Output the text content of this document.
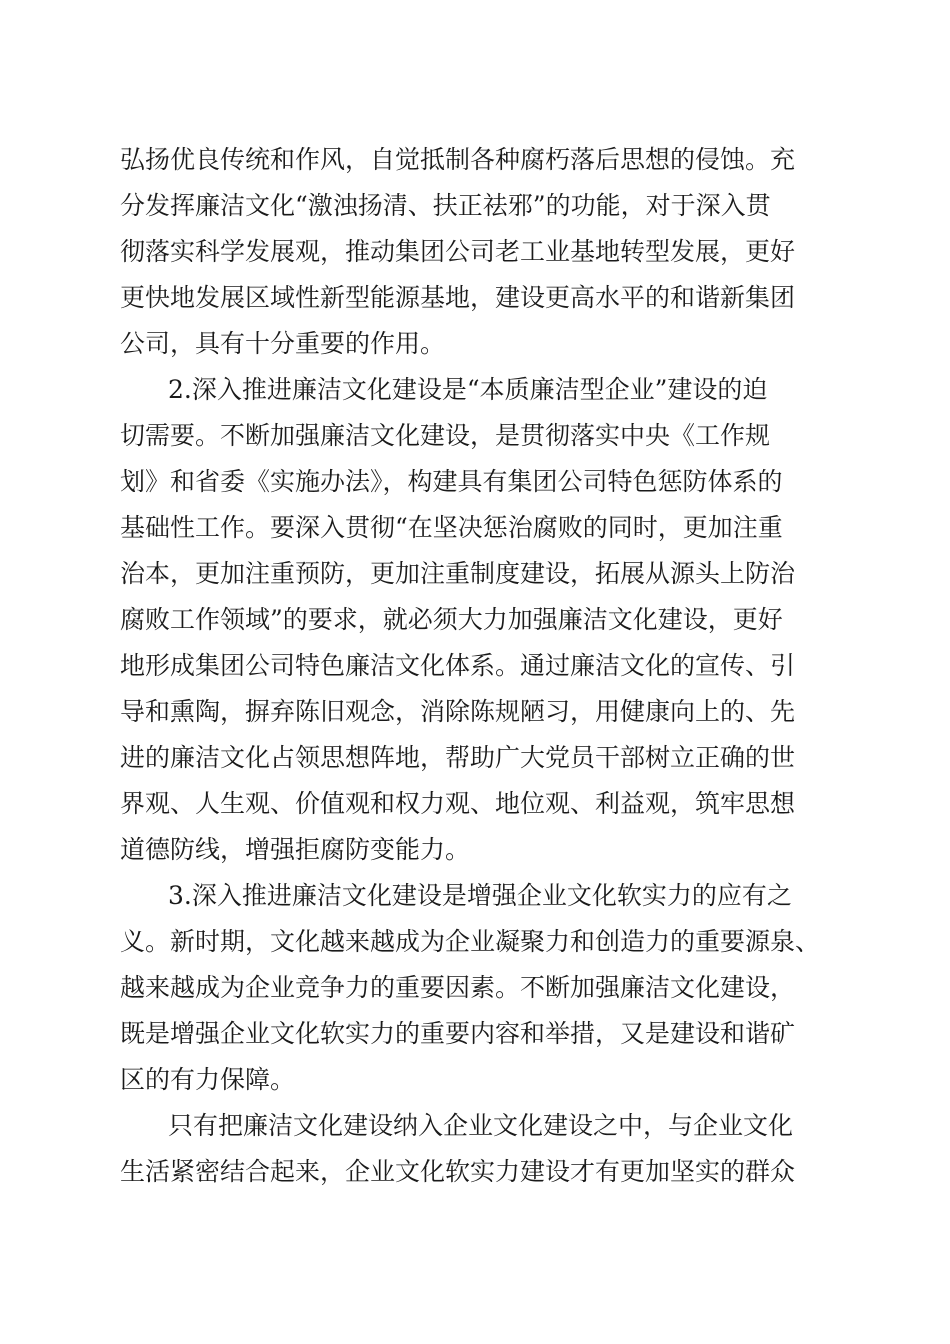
弘扬优良传统和作风，自觉抵制各种腐朽落后思想的侵蚀。充

分发挥廉洁文化“激浊扬清、扶正祛邪”的功能，对于深入贯

彻落实科学发展观，推动集团公司老工业基地转型发展，更好

更快地发展区域性新型能源基地，建设更高水平的和谐新集团

公司，具有十分重要的作用。

2.深入推进廉洁文化建设是“本质廉洁型企业”建设的迫

切需要。不断加强廉洁文化建设，是贯彻落实中央《工作规

划》和省委《实施办法》，构建具有集团公司特色惩防体系的

基础性工作。要深入贯彻“在坚决惩治腐败的同时，更加注重

治本，更加注重预防，更加注重制度建设，拓展从源头上防治

腐败工作领域”的要求，就必须大力加强廉洁文化建设，更好

地形成集团公司特色廉洁文化体系。通过廉洁文化的宣传、引

导和熏陶，摒弃陈旧观念，消除陈规陋习，用健康向上的、先

进的廉洁文化占领思想阵地，帮助广大党员干部树立正确的世

界观、人生观、价值观和权力观、地位观、利益观，筑牢思想

道德防线，增强拒腐防变能力。

3.深入推进廉洁文化建设是增强企业文化软实力的应有之

义。新时期，文化越来越成为企业凝聚力和创造力的重要源泉、

越来越成为企业竞争力的重要因素。不断加强廉洁文化建设，

既是增强企业文化软实力的重要内容和举措，又是建设和谐矿

区的有力保障。

只有把廉洁文化建设纳入企业文化建设之中，与企业文化

生活紧密结合起来，企业文化软实力建设才有更加坚实的群众
